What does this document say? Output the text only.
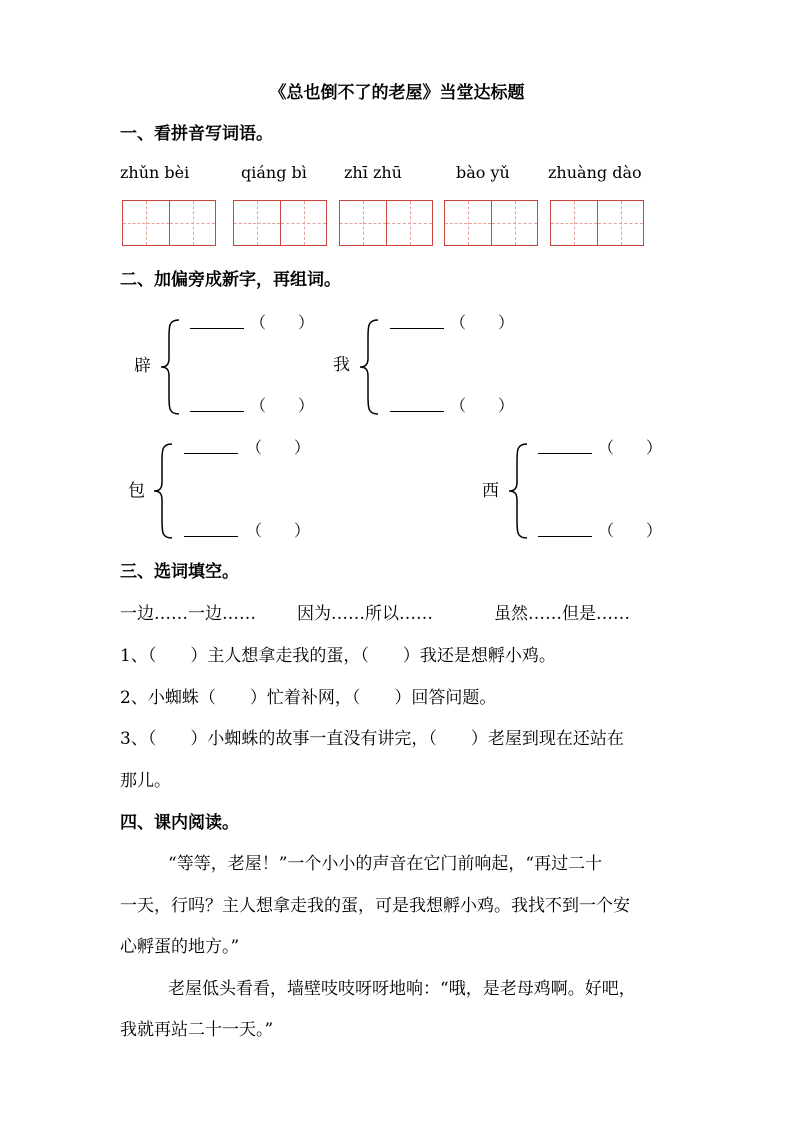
《总也倒不了的老屋》当堂达标题
一、看拼音写词语。
zhǔn bèi	qiáng bì zhī zhū	bào yǔ zhuàng dào
二、加偏旁成新字，再组词。
辟
（　　）
（　　）
我
（　　）
（　　）
包
（　　）
（　　）
西
（　　）
（　　）
三、选词填空。
一边……一边…… 因为……所以……	虽然……但是……
1、（　　）主人想拿走我的蛋，（　　）我还是想孵小鸡。
2、小蜘蛛（　　）忙着补网，（　　）回答问题。
3、（　　）小蜘蛛的故事一直没有讲完，（　　）老屋到现在还站在
那儿。
四、课内阅读。
“等等，老屋！”一个小小的声音在它门前响起，“再过二十
一天，行吗？主人想拿走我的蛋，可是我想孵小鸡。我找不到一个安
心孵蛋的地方。”
老屋低头看看，墙壁吱吱呀呀地响：“哦，是老母鸡啊。好吧，
我就再站二十一天。”
